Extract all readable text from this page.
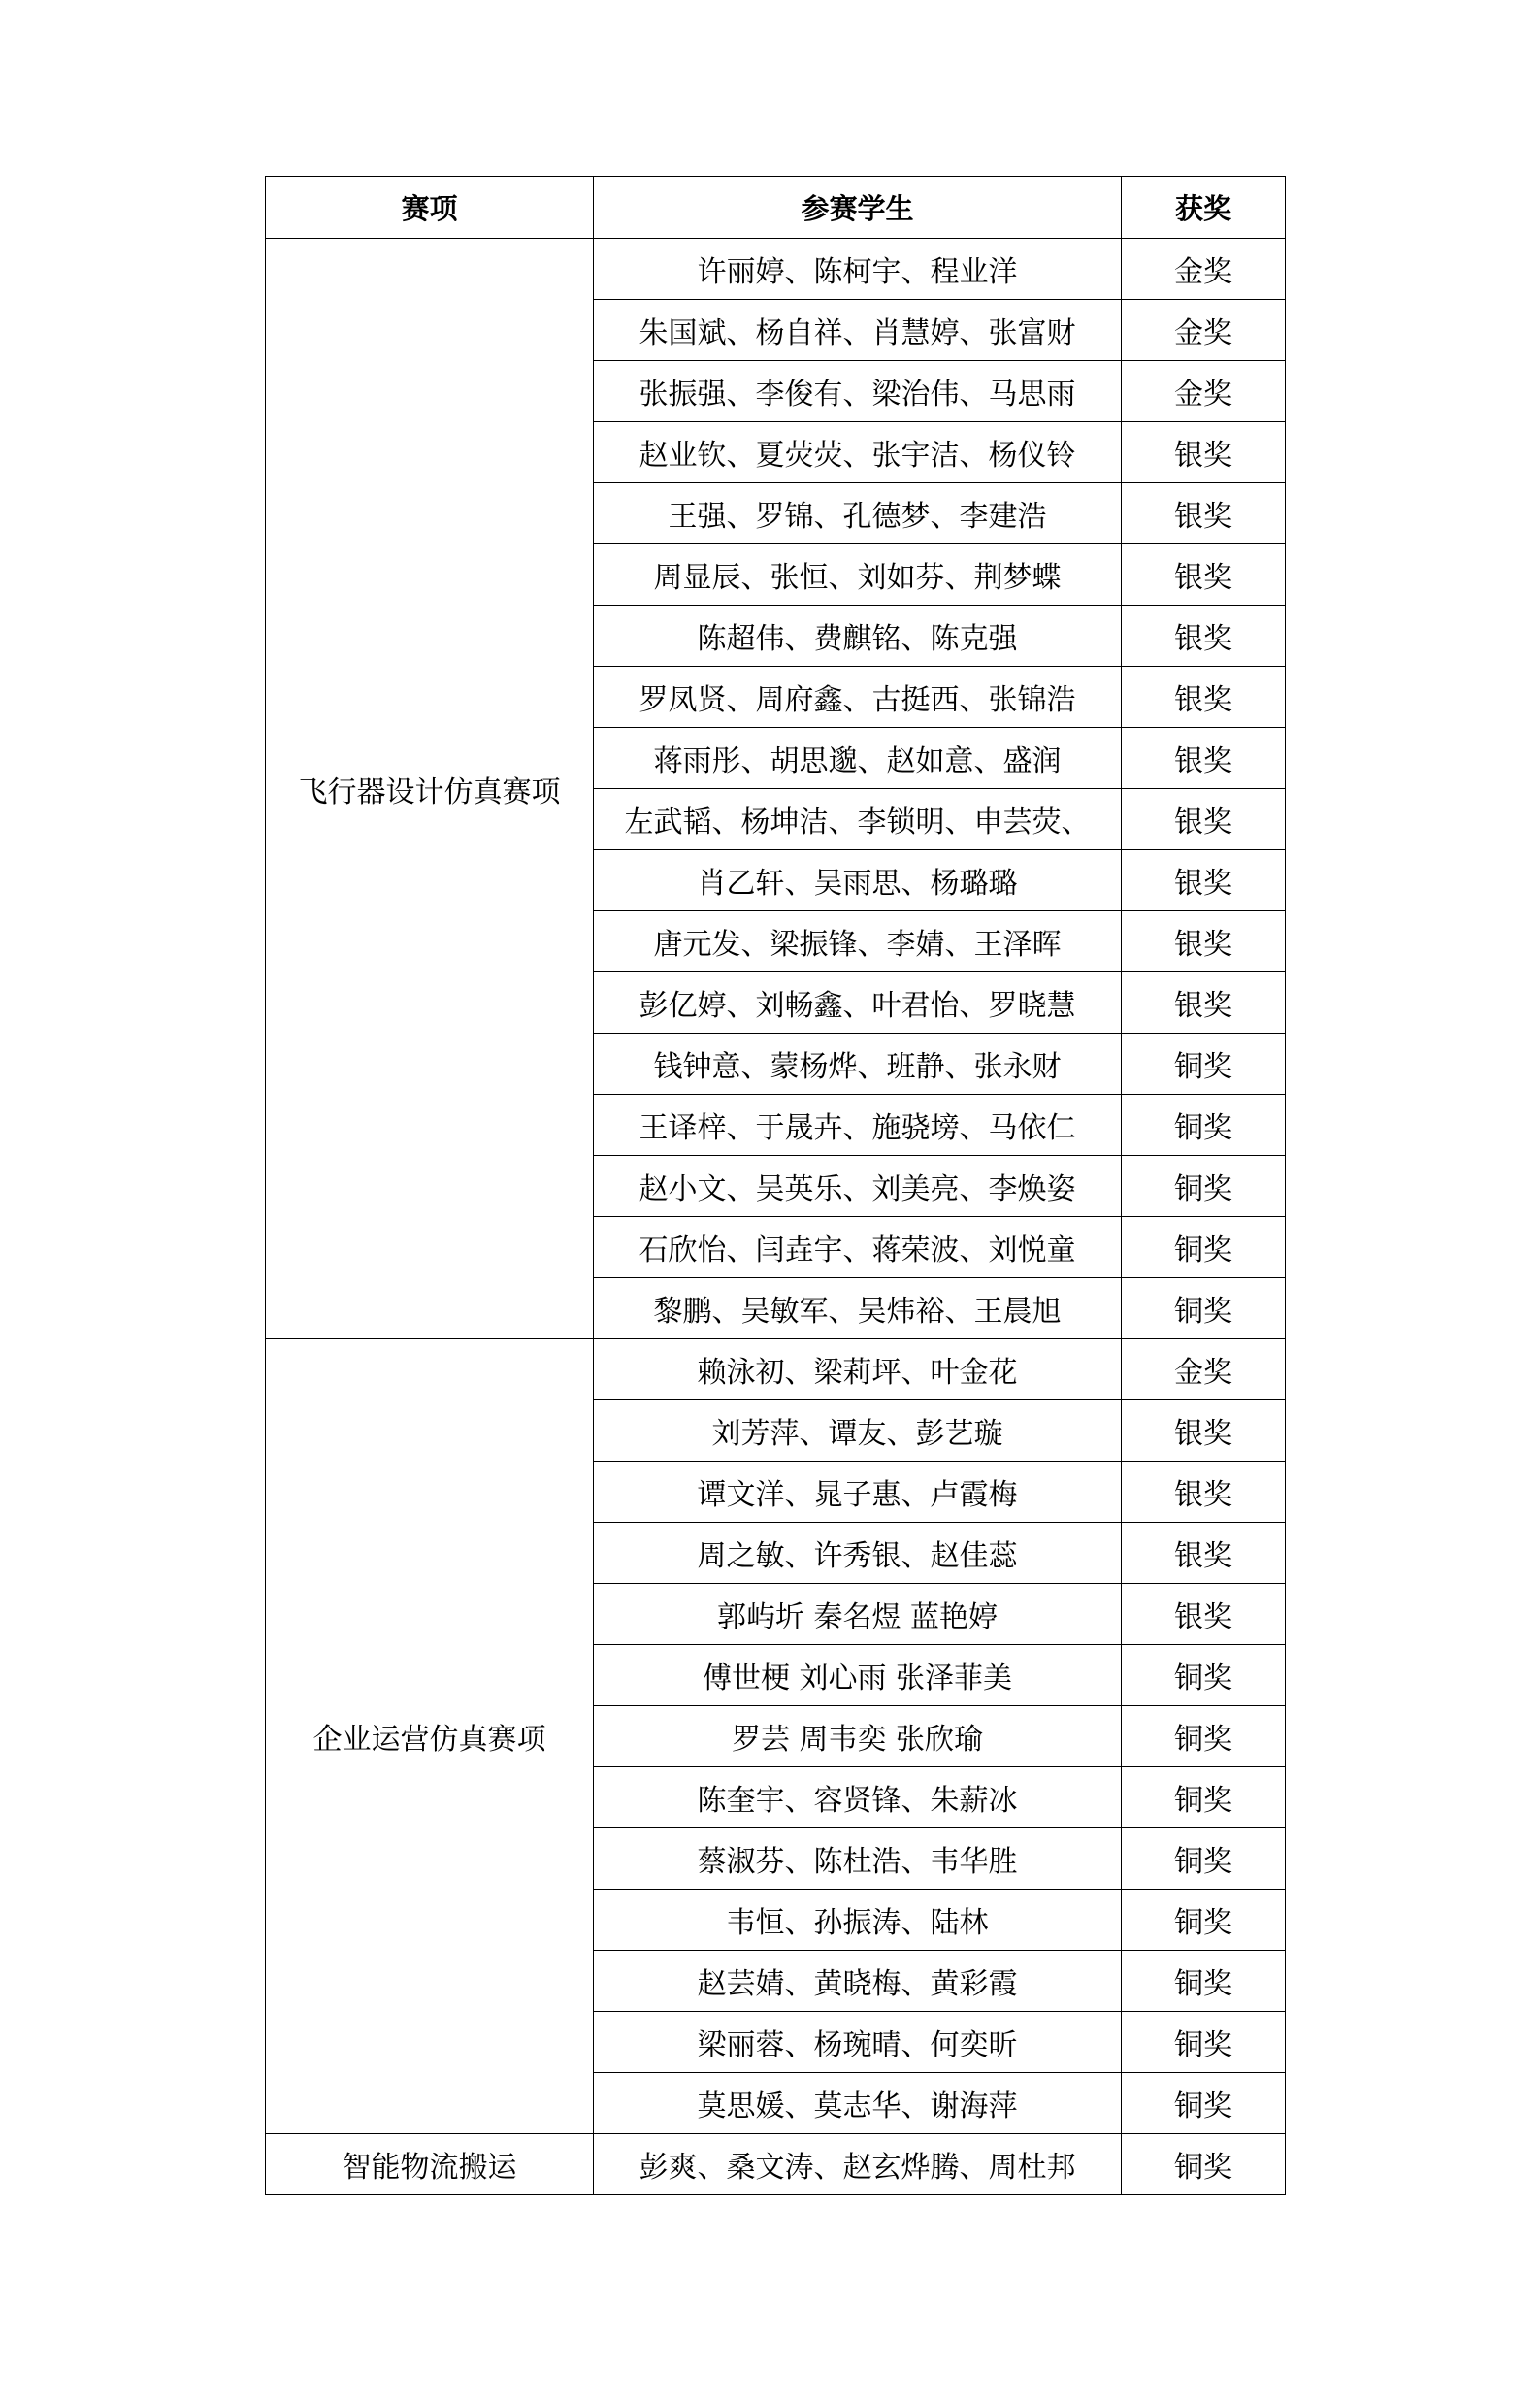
赛项	参赛学生	获奖
飞行器设计仿真赛项	许丽婷、陈柯宇、程业洋	金奖
	朱国斌、杨自祥、肖慧婷、张富财	金奖
	张振强、李俊有、梁治伟、马思雨	金奖
	赵业钦、夏荧荧、张宇洁、杨仪铃	银奖
	王强、罗锦、孔德梦、李建浩	银奖
	周显辰、张恒、刘如芬、荆梦蝶	银奖
	陈超伟、费麒铭、陈克强	银奖
	罗凤贤、周府鑫、古挺西、张锦浩	银奖
	蒋雨彤、胡思邈、赵如意、盛润	银奖
	左武韬、杨坤洁、李锁明、申芸荧、	银奖
	肖乙轩、吴雨思、杨璐璐	银奖
	唐元发、梁振锋、李婧、王泽晖	银奖
	彭亿婷、刘畅鑫、叶君怡、罗晓慧	银奖
	钱钟意、蒙杨烨、班静、张永财	铜奖
	王译梓、于晟卉、施骁塝、马依仁	铜奖
	赵小文、吴英乐、刘美亮、李焕姿	铜奖
	石欣怡、闫垚宇、蒋荣波、刘悦童	铜奖
	黎鹏、吴敏军、吴炜裕、王晨旭	铜奖
企业运营仿真赛项	赖泳初、梁莉坪、叶金花	金奖
	刘芳萍、谭友、彭艺璇	银奖
	谭文洋、晁子惠、卢霞梅	银奖
	周之敏、许秀银、赵佳蕊	银奖
	郭屿圻 秦名煜 蓝艳婷	银奖
	傅世梗 刘心雨 张泽菲美	铜奖
	罗芸 周韦奕 张欣瑜	铜奖
	陈奎宇、容贤锋、朱薪冰	铜奖
	蔡淑芬、陈杜浩、韦华胜	铜奖
	韦恒、孙振涛、陆林	铜奖
	赵芸婧、黄晓梅、黄彩霞	铜奖
	梁丽蓉、杨琬晴、何奕昕	铜奖
	莫思媛、莫志华、谢海萍	铜奖
智能物流搬运	彭爽、桑文涛、赵玄烨腾、周杜邦	铜奖
